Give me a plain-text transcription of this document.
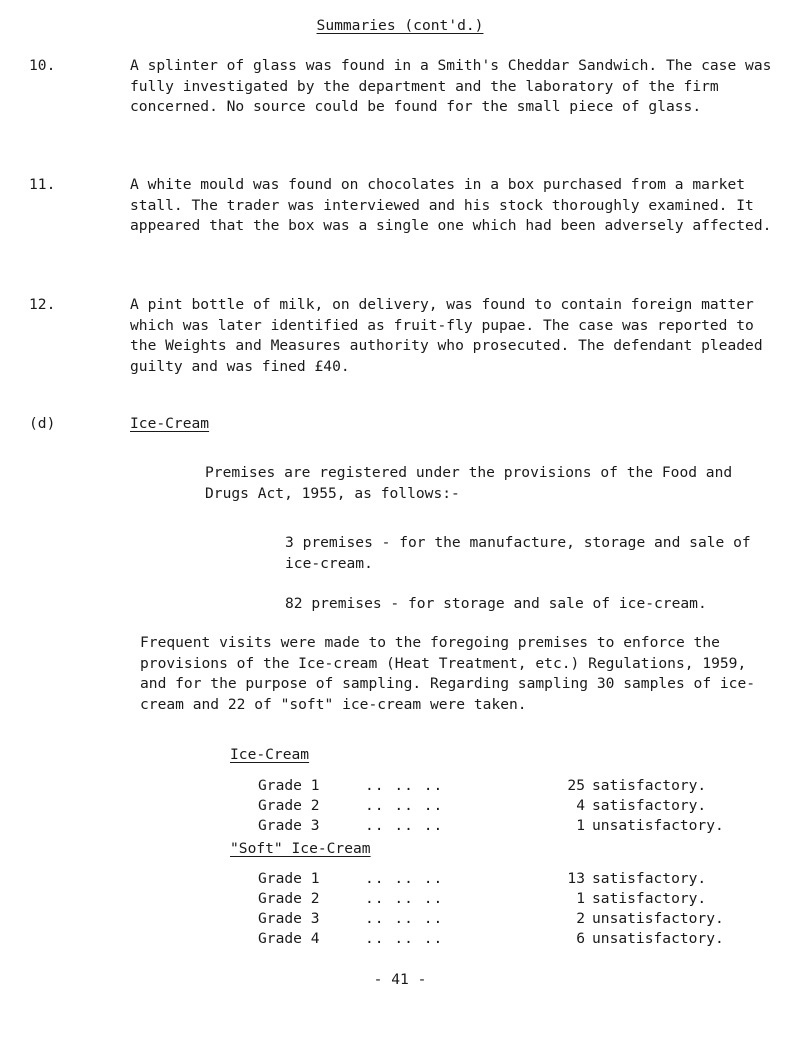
Summaries (cont'd.)
10.	A splinter of glass was found in a Smith's Cheddar Sandwich. The case was fully investigated by the department and the laboratory of the firm concerned. No source could be found for the small piece of glass.
11.	A white mould was found on chocolates in a box purchased from a market stall. The trader was interviewed and his stock thoroughly examined. It appeared that the box was a single one which had been adversely affected.
12.	A pint bottle of milk, on delivery, was found to contain foreign matter which was later identified as fruit-fly pupae. The case was reported to the Weights and Measures authority who prosecuted. The defendant pleaded guilty and was fined £40.
(d)	Ice-Cream
Premises are registered under the provisions of the Food and Drugs Act, 1955, as follows:-
3 premises - for the manufacture, storage and sale of ice-cream.
82 premises - for storage and sale of ice-cream.
Frequent visits were made to the foregoing premises to enforce the provisions of the Ice-cream (Heat Treatment, etc.) Regulations, 1959, and for the purpose of sampling. Regarding sampling 30 samples of ice-cream and 22 of "soft" ice-cream were taken.
Ice-Cream
Grade 1	.. .. ..	25 satisfactory.
Grade 2	.. .. ..	4 satisfactory.
Grade 3	.. .. ..	1 unsatisfactory.
"Soft" Ice-Cream
Grade 1	.. .. ..	13 satisfactory.
Grade 2	.. .. ..	1 satisfactory.
Grade 3	.. .. ..	2 unsatisfactory.
Grade 4	.. .. ..	6 unsatisfactory.
- 41 -
